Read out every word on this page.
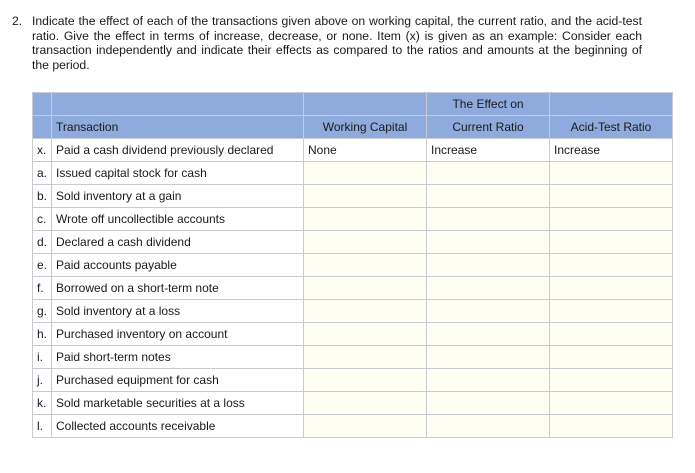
2. Indicate the effect of each of the transactions given above on working capital, the current ratio, and the acid-test ratio. Give the effect in terms of increase, decrease, or none. Item (x) is given as an example: Consider each transaction independently and indicate their effects as compared to the ratios and amounts at the beginning of the period.
			The Effect on	
	Transaction	Working Capital	Current Ratio	Acid-Test Ratio
x.	Paid a cash dividend previously declared	None	Increase	Increase
a.	Issued capital stock for cash			
b.	Sold inventory at a gain			
c.	Wrote off uncollectible accounts			
d.	Declared a cash dividend			
e.	Paid accounts payable			
f.	Borrowed on a short-term note			
g.	Sold inventory at a loss			
h.	Purchased inventory on account			
i.	Paid short-term notes			
j.	Purchased equipment for cash			
k.	Sold marketable securities at a loss			
l.	Collected accounts receivable			
